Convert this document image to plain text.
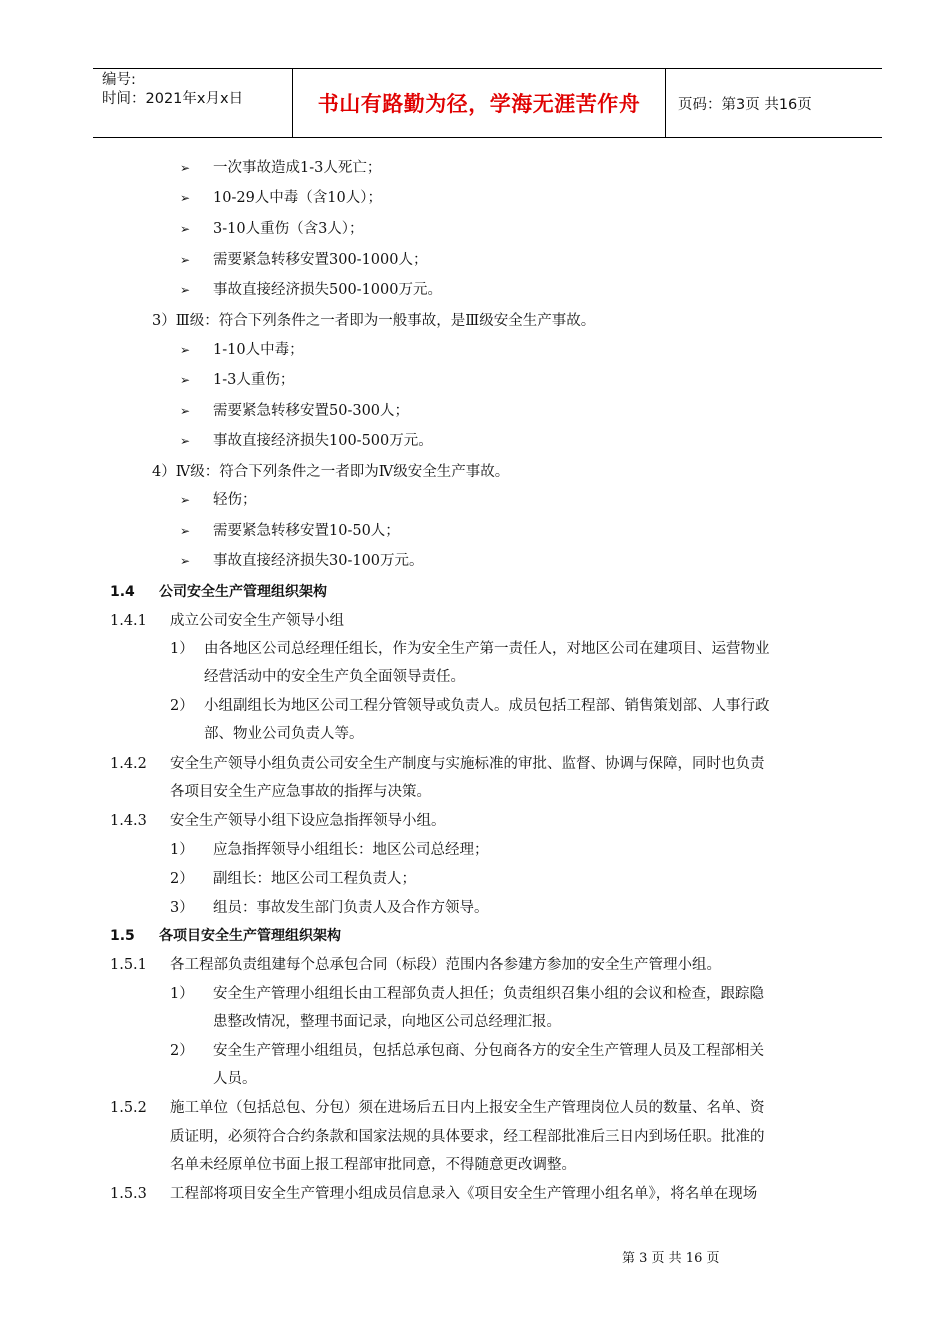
编号:
时间：2021年x月x日	书山有路勤为径，学海无涯苦作舟	页码：第3页 共16页
➢ 一次事故造成1-3人死亡；
➢ 10-29人中毒（含10人）；
➢ 3-10人重伤（含3人）；
➢ 需要紧急转移安置300-1000人；
➢ 事故直接经济损失500-1000万元。
3）Ⅲ级：符合下列条件之一者即为一般事故，是Ⅲ级安全生产事故。
➢ 1-10人中毒；
➢ 1-3人重伤；
➢ 需要紧急转移安置50-300人；
➢ 事故直接经济损失100-500万元。
4）Ⅳ级：符合下列条件之一者即为Ⅳ级安全生产事故。
➢ 轻伤；
➢ 需要紧急转移安置10-50人；
➢ 事故直接经济损失30-100万元。
1.4 公司安全生产管理组织架构
1.4.1 成立公司安全生产领导小组
1） 由各地区公司总经理任组长，作为安全生产第一责任人，对地区公司在建项目、运营物业
经营活动中的安全生产负全面领导责任。
2） 小组副组长为地区公司工程分管领导或负责人。成员包括工程部、销售策划部、人事行政
部、物业公司负责人等。
1.4.2 安全生产领导小组负责公司安全生产制度与实施标准的审批、监督、协调与保障，同时也负责
各项目安全生产应急事故的指挥与决策。
1.4.3 安全生产领导小组下设应急指挥领导小组。
1） 应急指挥领导小组组长：地区公司总经理；
2） 副组长：地区公司工程负责人；
3） 组员：事故发生部门负责人及合作方领导。
1.5 各项目安全生产管理组织架构
1.5.1 各工程部负责组建每个总承包合同（标段）范围内各参建方参加的安全生产管理小组。
1） 安全生产管理小组组长由工程部负责人担任；负责组织召集小组的会议和检查，跟踪隐
患整改情况，整理书面记录，向地区公司总经理汇报。
2） 安全生产管理小组组员，包括总承包商、分包商各方的安全生产管理人员及工程部相关
人员。
1.5.2 施工单位（包括总包、分包）须在进场后五日内上报安全生产管理岗位人员的数量、名单、资
质证明，必须符合合约条款和国家法规的具体要求，经工程部批准后三日内到场任职。批准的
名单未经原单位书面上报工程部审批同意，不得随意更改调整。
1.5.3 工程部将项目安全生产管理小组成员信息录入《项目安全生产管理小组名单》，将名单在现场
第 3 页 共 16 页
